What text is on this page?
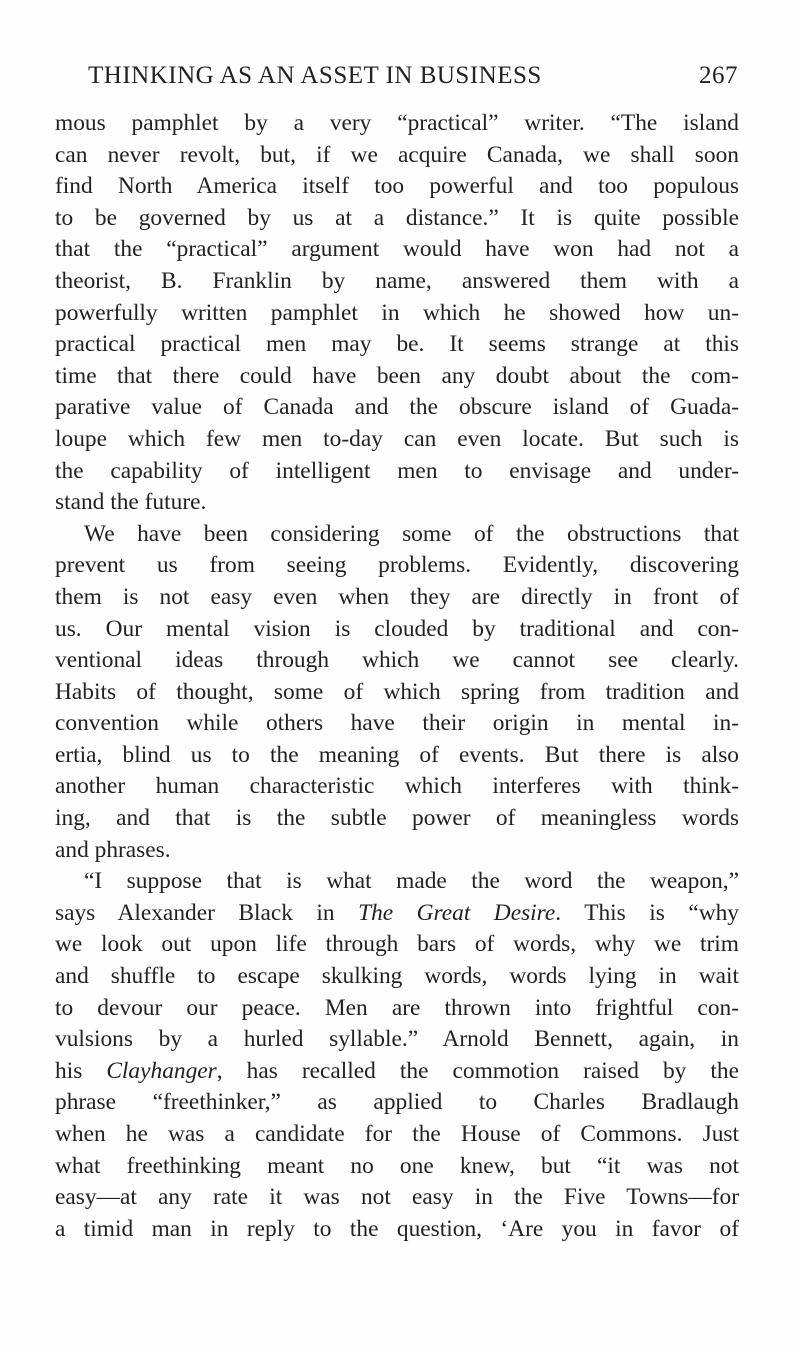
THINKING AS AN ASSET IN BUSINESS	267
mous pamphlet by a very “practical” writer. “The island
can never revolt, but, if we acquire Canada, we shall soon
find North America itself too powerful and too populous
to be governed by us at a distance.” It is quite possible
that the “practical” argument would have won had not a
theorist, B. Franklin by name, answered them with a
powerfully written pamphlet in which he showed how un-
practical practical men may be. It seems strange at this
time that there could have been any doubt about the com-
parative value of Canada and the obscure island of Guada-
loupe which few men to-day can even locate. But such is
the capability of intelligent men to envisage and under-
stand the future.
We have been considering some of the obstructions that
prevent us from seeing problems. Evidently, discovering
them is not easy even when they are directly in front of
us. Our mental vision is clouded by traditional and con-
ventional ideas through which we cannot see clearly.
Habits of thought, some of which spring from tradition and
convention while others have their origin in mental in-
ertia, blind us to the meaning of events. But there is also
another human characteristic which interferes with think-
ing, and that is the subtle power of meaningless words
and phrases.
“I suppose that is what made the word the weapon,”
says Alexander Black in The Great Desire. This is “why
we look out upon life through bars of words, why we trim
and shuffle to escape skulking words, words lying in wait
to devour our peace. Men are thrown into frightful con-
vulsions by a hurled syllable.” Arnold Bennett, again, in
his Clayhanger, has recalled the commotion raised by the
phrase “freethinker,” as applied to Charles Bradlaugh
when he was a candidate for the House of Commons. Just
what freethinking meant no one knew, but “it was not
easy—at any rate it was not easy in the Five Towns—for
a timid man in reply to the question, ‘Are you in favor of
